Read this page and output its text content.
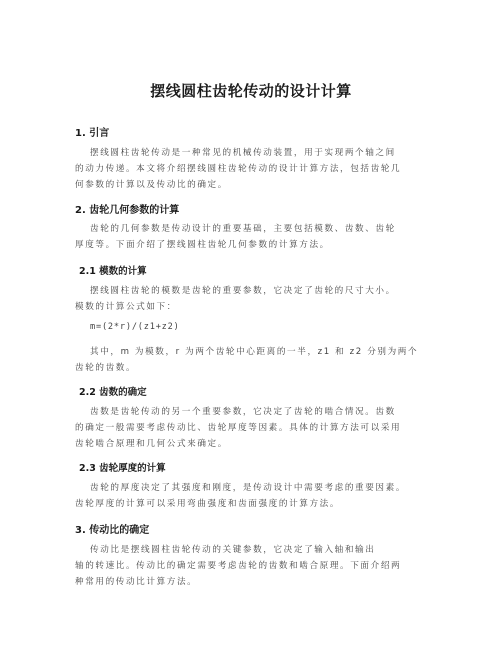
摆线圆柱齿轮传动的设计计算
1. 引言
摆线圆柱齿轮传动是一种常见的机械传动装置，用于实现两个轴之间
的动力传递。本文将介绍摆线圆柱齿轮传动的设计计算方法，包括齿轮几
何参数的计算以及传动比的确定。
2. 齿轮几何参数的计算
齿轮的几何参数是传动设计的重要基础，主要包括模数、齿数、齿轮
厚度等。下面介绍了摆线圆柱齿轮几何参数的计算方法。
2.1 模数的计算
摆线圆柱齿轮的模数是齿轮的重要参数，它决定了齿轮的尺寸大小。
模数的计算公式如下：
m=(2*r)/(z1+z2)
其中，m 为模数，r 为两个齿轮中心距离的一半，z1 和 z2 分别为两个
齿轮的齿数。
2.2 齿数的确定
齿数是齿轮传动的另一个重要参数，它决定了齿轮的啮合情况。齿数
的确定一般需要考虑传动比、齿轮厚度等因素。具体的计算方法可以采用
齿轮啮合原理和几何公式来确定。
2.3 齿轮厚度的计算
齿轮的厚度决定了其强度和刚度，是传动设计中需要考虑的重要因素。
齿轮厚度的计算可以采用弯曲强度和齿面强度的计算方法。
3. 传动比的确定
传动比是摆线圆柱齿轮传动的关键参数，它决定了输入轴和输出
轴的转速比。传动比的确定需要考虑齿轮的齿数和啮合原理。下面介绍两
种常用的传动比计算方法。
